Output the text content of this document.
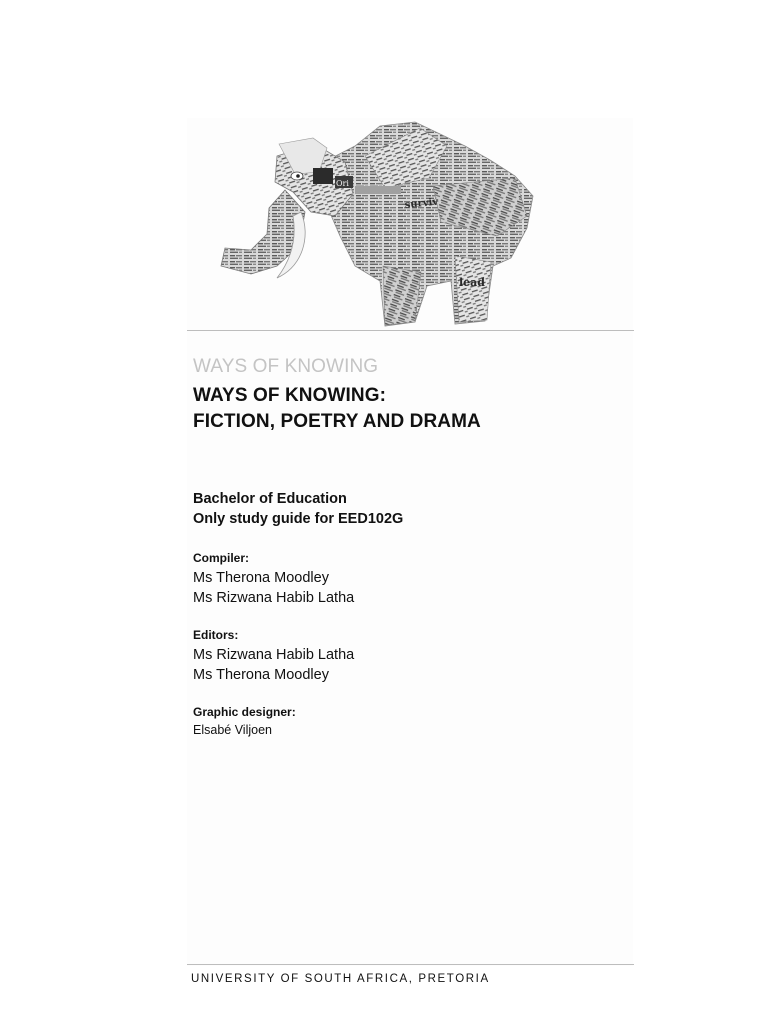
Ori
surviv
lead
WAYS OF KNOWING
WAYS OF KNOWING:
FICTION, POETRY AND DRAMA
Bachelor of Education
Only study guide for EED102G
Compiler:
Ms Therona Moodley
Ms Rizwana Habib Latha
Editors:
Ms Rizwana Habib Latha
Ms Therona Moodley
Graphic designer:
Elsabé Viljoen
UNIVERSITY OF SOUTH AFRICA, PRETORIA
